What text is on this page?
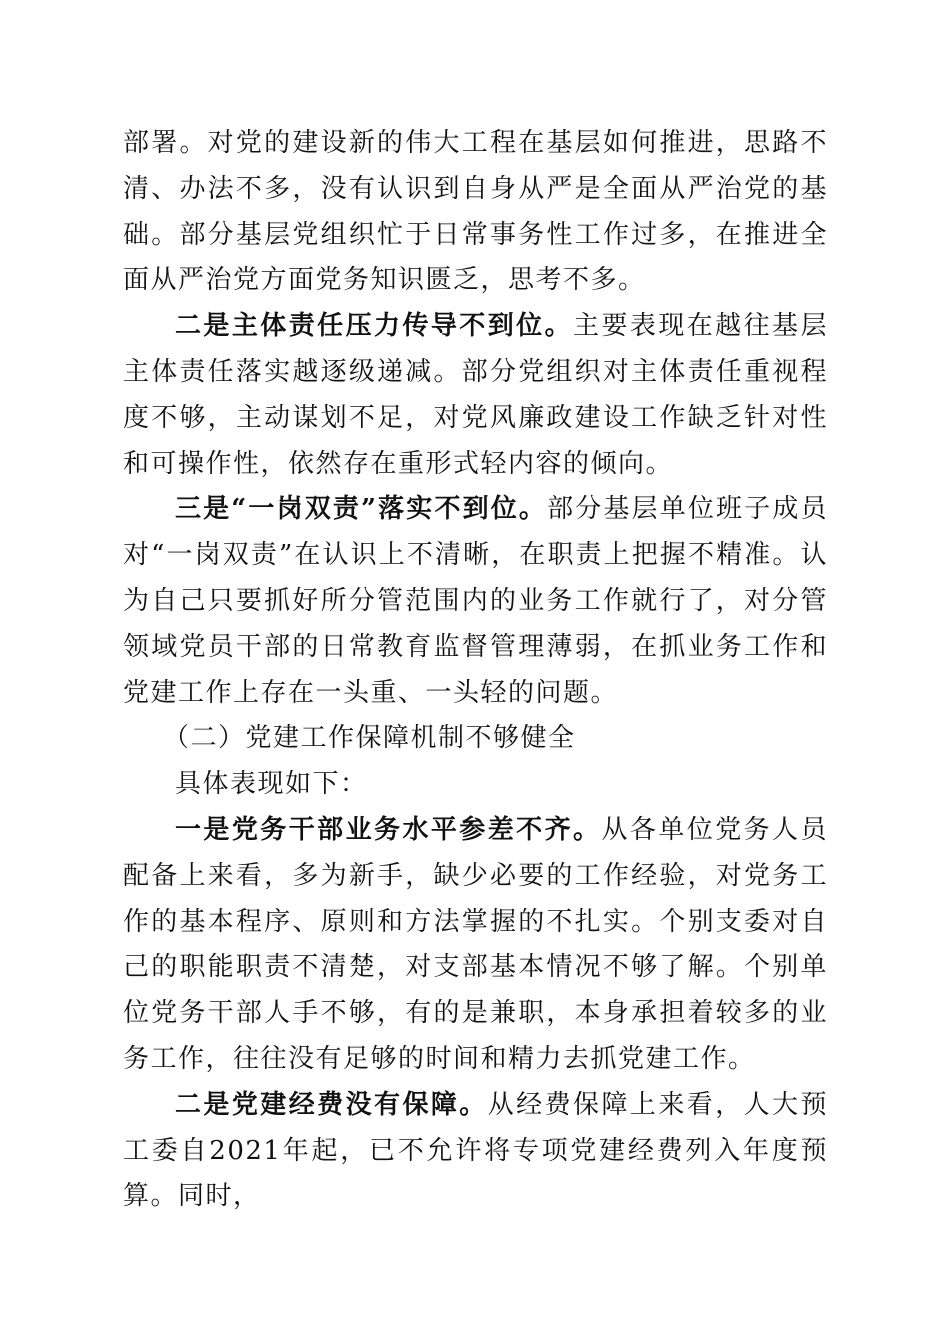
部署。对党的建设新的伟大工程在基层如何推进，思路不清、办法不多，没有认识到自身从严是全面从严治党的基础。部分基层党组织忙于日常事务性工作过多，在推进全面从严治党方面党务知识匮乏，思考不多。

二是主体责任压力传导不到位。主要表现在越往基层主体责任落实越逐级递减。部分党组织对主体责任重视程度不够，主动谋划不足，对党风廉政建设工作缺乏针对性和可操作性，依然存在重形式轻内容的倾向。

三是“一岗双责”落实不到位。部分基层单位班子成员对“一岗双责”在认识上不清晰，在职责上把握不精准。认为自己只要抓好所分管范围内的业务工作就行了，对分管领域党员干部的日常教育监督管理薄弱，在抓业务工作和党建工作上存在一头重、一头轻的问题。

（二）党建工作保障机制不够健全

具体表现如下：

一是党务干部业务水平参差不齐。从各单位党务人员配备上来看，多为新手，缺少必要的工作经验，对党务工作的基本程序、原则和方法掌握的不扎实。个别支委对自己的职能职责不清楚，对支部基本情况不够了解。个别单位党务干部人手不够，有的是兼职，本身承担着较多的业务工作，往往没有足够的时间和精力去抓党建工作。

二是党建经费没有保障。从经费保障上来看，人大预工委自2021年起，已不允许将专项党建经费列入年度预算。同时，
